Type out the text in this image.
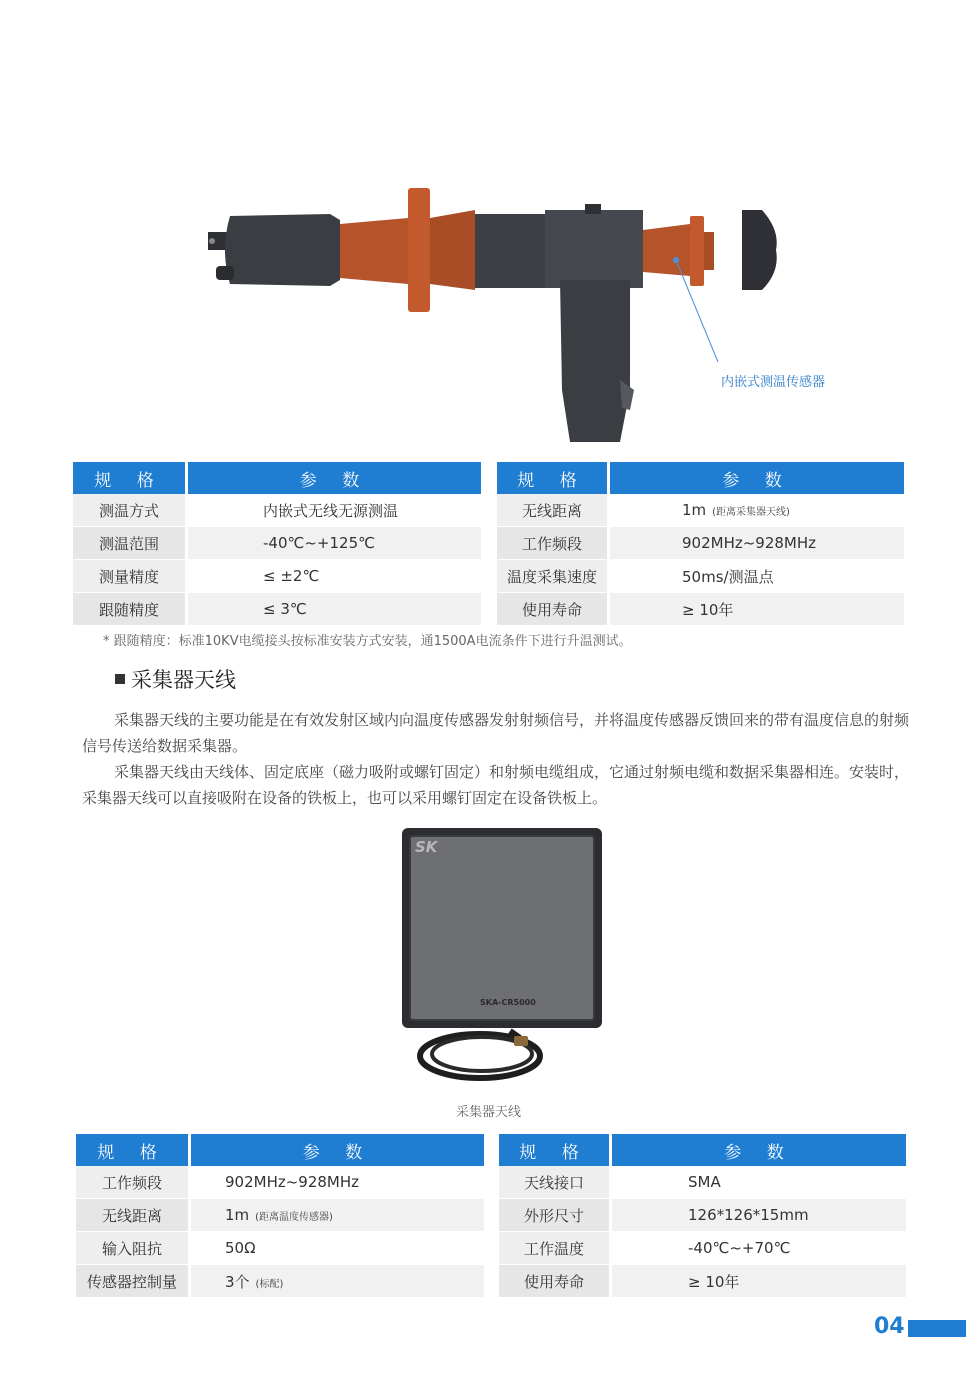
内嵌式测温传感器
规 格	参 数
测温方式	内嵌式无线无源测温
测温范围	-40℃~+125℃
测量精度	≤ ±2℃
跟随精度	≤ 3℃
规 格	参 数
无线距离	1m (距离采集器天线)
工作频段	902MHz~928MHz
温度采集速度	50ms/测温点
使用寿命	≥ 10年
* 跟随精度：标准10KV电缆接头按标准安装方式安装，通1500A电流条件下进行升温测试。
采集器天线
采集器天线的主要功能是在有效发射区域内向温度传感器发射射频信号，并将温度传感器反馈回来的带有温度信息的射频信号传送给数据采集器。
采集器天线由天线体、固定底座（磁力吸附或螺钉固定）和射频电缆组成，它通过射频电缆和数据采集器相连。安装时，采集器天线可以直接吸附在设备的铁板上，也可以采用螺钉固定在设备铁板上。
SK
SKA-CR5000
采集器天线
规 格	参 数
工作频段	902MHz~928MHz
无线距离	1m (距离温度传感器)
输入阻抗	50Ω
传感器控制量	3个 (标配)
规 格	参 数
天线接口	SMA
外形尺寸	126*126*15mm
工作温度	-40℃~+70℃
使用寿命	≥ 10年
04
